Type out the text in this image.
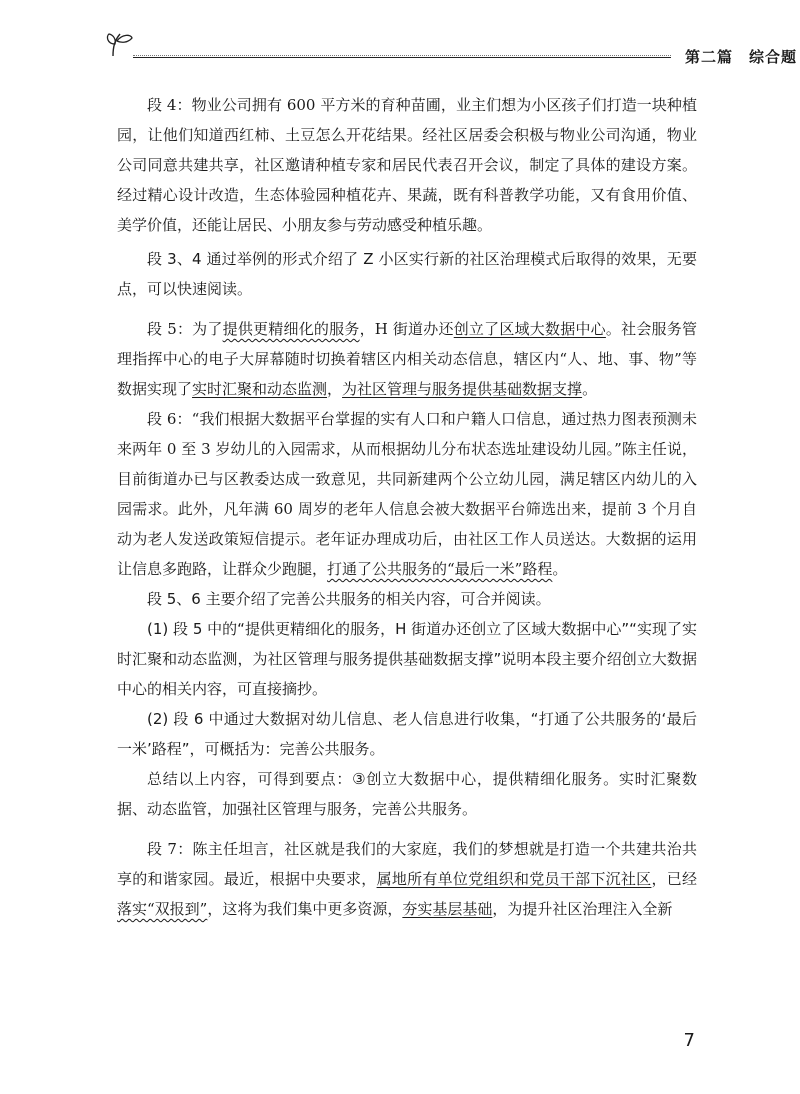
第二篇　综合题

段 4：物业公司拥有 600 平方米的育种苗圃，业主们想为小区孩子们打造一块种植园，让他们知道西红柿、土豆怎么开花结果。经社区居委会积极与物业公司沟通，物业公司同意共建共享，社区邀请种植专家和居民代表召开会议，制定了具体的建设方案。经过精心设计改造，生态体验园种植花卉、果蔬，既有科普教学功能，又有食用价值、美学价值，还能让居民、小朋友参与劳动感受种植乐趣。

段 3、4 通过举例的形式介绍了 Z 小区实行新的社区治理模式后取得的效果，无要点，可以快速阅读。

段 5：为了提供更精细化的服务，H 街道办还创立了区域大数据中心。社会服务管理指挥中心的电子大屏幕随时切换着辖区内相关动态信息，辖区内“人、地、事、物”等数据实现了实时汇聚和动态监测，为社区管理与服务提供基础数据支撑。

段 6：“我们根据大数据平台掌握的实有人口和户籍人口信息，通过热力图表预测未来两年 0 至 3 岁幼儿的入园需求，从而根据幼儿分布状态选址建设幼儿园。”陈主任说，目前街道办已与区教委达成一致意见，共同新建两个公立幼儿园，满足辖区内幼儿的入园需求。此外，凡年满 60 周岁的老年人信息会被大数据平台筛选出来，提前 3 个月自动为老人发送政策短信提示。老年证办理成功后，由社区工作人员送达。大数据的运用让信息多跑路，让群众少跑腿，打通了公共服务的“最后一米”路程。

段 5、6 主要介绍了完善公共服务的相关内容，可合并阅读。

(1) 段 5 中的“提供更精细化的服务，H 街道办还创立了区域大数据中心”“实现了实时汇聚和动态监测，为社区管理与服务提供基础数据支撑”说明本段主要介绍创立大数据中心的相关内容，可直接摘抄。

(2) 段 6 中通过大数据对幼儿信息、老人信息进行收集，“打通了公共服务的‘最后一米’路程”，可概括为：完善公共服务。

总结以上内容，可得到要点：③创立大数据中心，提供精细化服务。实时汇聚数据、动态监管，加强社区管理与服务，完善公共服务。

段 7：陈主任坦言，社区就是我们的大家庭，我们的梦想就是打造一个共建共治共享的和谐家园。最近，根据中央要求，属地所有单位党组织和党员干部下沉社区，已经落实“双报到”，这将为我们集中更多资源，夯实基层基础，为提升社区治理注入全新

7
